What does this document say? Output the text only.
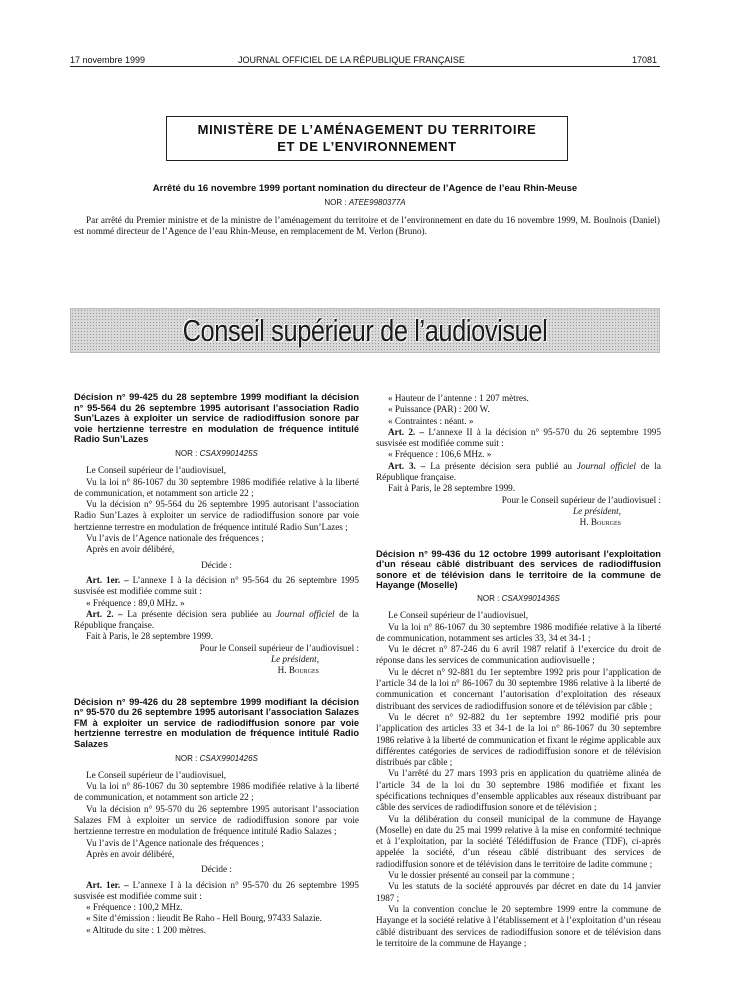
17 novembre 1999	JOURNAL OFFICIEL DE LA RÉPUBLIQUE FRANÇAISE	17081
MINISTÈRE DE L’AMÉNAGEMENT DU TERRITOIRE
ET DE L’ENVIRONNEMENT
Arrêté du 16 novembre 1999 portant nomination du directeur de l’Agence de l’eau Rhin-Meuse
NOR : ATEE9980377A
Par arrêté du Premier ministre et de la ministre de l’aménagement du territoire et de l’environnement en date du 16 novembre 1999, M. Boulnois (Daniel) est nommé directeur de l’Agence de l’eau Rhin-Meuse, en remplacement de M. Verlon (Bruno).
Conseil supérieur de l’audiovisuel
Décision n° 99-425 du 28 septembre 1999 modifiant la décision n° 95-564 du 26 septembre 1995 autorisant l’association Radio Sun’Lazes à exploiter un service de radiodiffusion sonore par voie hertzienne terrestre en modulation de fréquence intitulé Radio Sun’Lazes
NOR : CSAX9901425S
Le Conseil supérieur de l’audiovisuel,
Vu la loi n° 86-1067 du 30 septembre 1986 modifiée relative à la liberté de communication, et notamment son article 22 ;
Vu la décision n° 95-564 du 26 septembre 1995 autorisant l’association Radio Sun’Lazes à exploiter un service de radiodiffusion sonore par voie hertzienne terrestre en modulation de fréquence intitulé Radio Sun’Lazes ;
Vu l’avis de l’Agence nationale des fréquences ;
Après en avoir délibéré,
Décide :
Art. 1er. – L’annexe I à la décision n° 95-564 du 26 septembre 1995 susvisée est modifiée comme suit :
« Fréquence : 89,0 MHz. »
Art. 2. – La présente décision sera publiée au Journal officiel de la République française.
Fait à Paris, le 28 septembre 1999.
Pour le Conseil supérieur de l’audiovisuel :
Le président,
H. Bourges
Décision n° 99-426 du 28 septembre 1999 modifiant la décision n° 95-570 du 26 septembre 1995 autorisant l’association Salazes FM à exploiter un service de radiodiffusion sonore par voie hertzienne terrestre en modulation de fréquence intitulé Radio Salazes
NOR : CSAX9901426S
Le Conseil supérieur de l’audiovisuel,
Vu la loi n° 86-1067 du 30 septembre 1986 modifiée relative à la liberté de communication, et notamment son article 22 ;
Vu la décision n° 95-570 du 26 septembre 1995 autorisant l’association Salazes FM à exploiter un service de radiodiffusion sonore par voie hertzienne terrestre en modulation de fréquence intitulé Radio Salazes ;
Vu l’avis de l’Agence nationale des fréquences ;
Après en avoir délibéré,
Décide :
Art. 1er. – L’annexe I à la décision n° 95-570 du 26 septembre 1995 susvisée est modifiée comme suit :
« Fréquence : 100,2 MHz.
« Site d’émission : lieudit Be Raho - Hell Bourg, 97433 Salazie.
« Altitude du site : 1 200 mètres.
« Hauteur de l’antenne : 1 207 mètres.
« Puissance (PAR) : 200 W.
« Contraintes : néant. »
Art. 2. – L’annexe II à la décision n° 95-570 du 26 septembre 1995 susvisée est modifiée comme suit :
« Fréquence : 106,6 MHz. »
Art. 3. – La présente décision sera publié au Journal officiel de la République française.
Fait à Paris, le 28 septembre 1999.
Pour le Conseil supérieur de l’audiovisuel :
Le président,
H. Bourges
Décision n° 99-436 du 12 octobre 1999 autorisant l’exploitation d’un réseau câblé distribuant des services de radiodiffusion sonore et de télévision dans le territoire de la commune de Hayange (Moselle)
NOR : CSAX9901436S
Le Conseil supérieur de l’audiovisuel,
Vu la loi n° 86-1067 du 30 septembre 1986 modifiée relative à la liberté de communication, notamment ses articles 33, 34 et 34-1 ;
Vu le décret n° 87-246 du 6 avril 1987 relatif à l’exercice du droit de réponse dans les services de communication audiovisuelle ;
Vu le décret n° 92-881 du 1er septembre 1992 pris pour l’application de l’article 34 de la loi n° 86-1067 du 30 septembre 1986 relative à la liberté de communication et concernant l’autorisation d’exploitation des réseaux distribuant des services de radiodiffusion sonore et de télévision par câble ;
Vu le décret n° 92-882 du 1er septembre 1992 modifié pris pour l’application des articles 33 et 34-1 de la loi n° 86-1067 du 30 septembre 1986 relative à la liberté de communication et fixant le régime applicable aux différentes catégories de services de radiodiffusion sonore et de télévision distribués par câble ;
Vu l’arrêté du 27 mars 1993 pris en application du quatrième alinéa de l’article 34 de la loi du 30 septembre 1986 modifiée et fixant les spécifications techniques d’ensemble applicables aux réseaux distribuant par câble des services de radiodiffusion sonore et de télévision ;
Vu la délibération du conseil municipal de la commune de Hayange (Moselle) en date du 25 mai 1999 relative à la mise en conformité technique et à l’exploitation, par la société Télédiffusion de France (TDF), ci-après appelée la société, d’un réseau câblé distribuant des services de radiodiffusion sonore et de télévision dans le territoire de ladite commune ;
Vu le dossier présenté au conseil par la commune ;
Vu les statuts de la société approuvés par décret en date du 14 janvier 1987 ;
Vu la convention conclue le 20 septembre 1999 entre la commune de Hayange et la société relative à l’établissement et à l’exploitation d’un réseau câblé distribuant des services de radiodiffusion sonore et de télévision dans le territoire de la commune de Hayange ;
